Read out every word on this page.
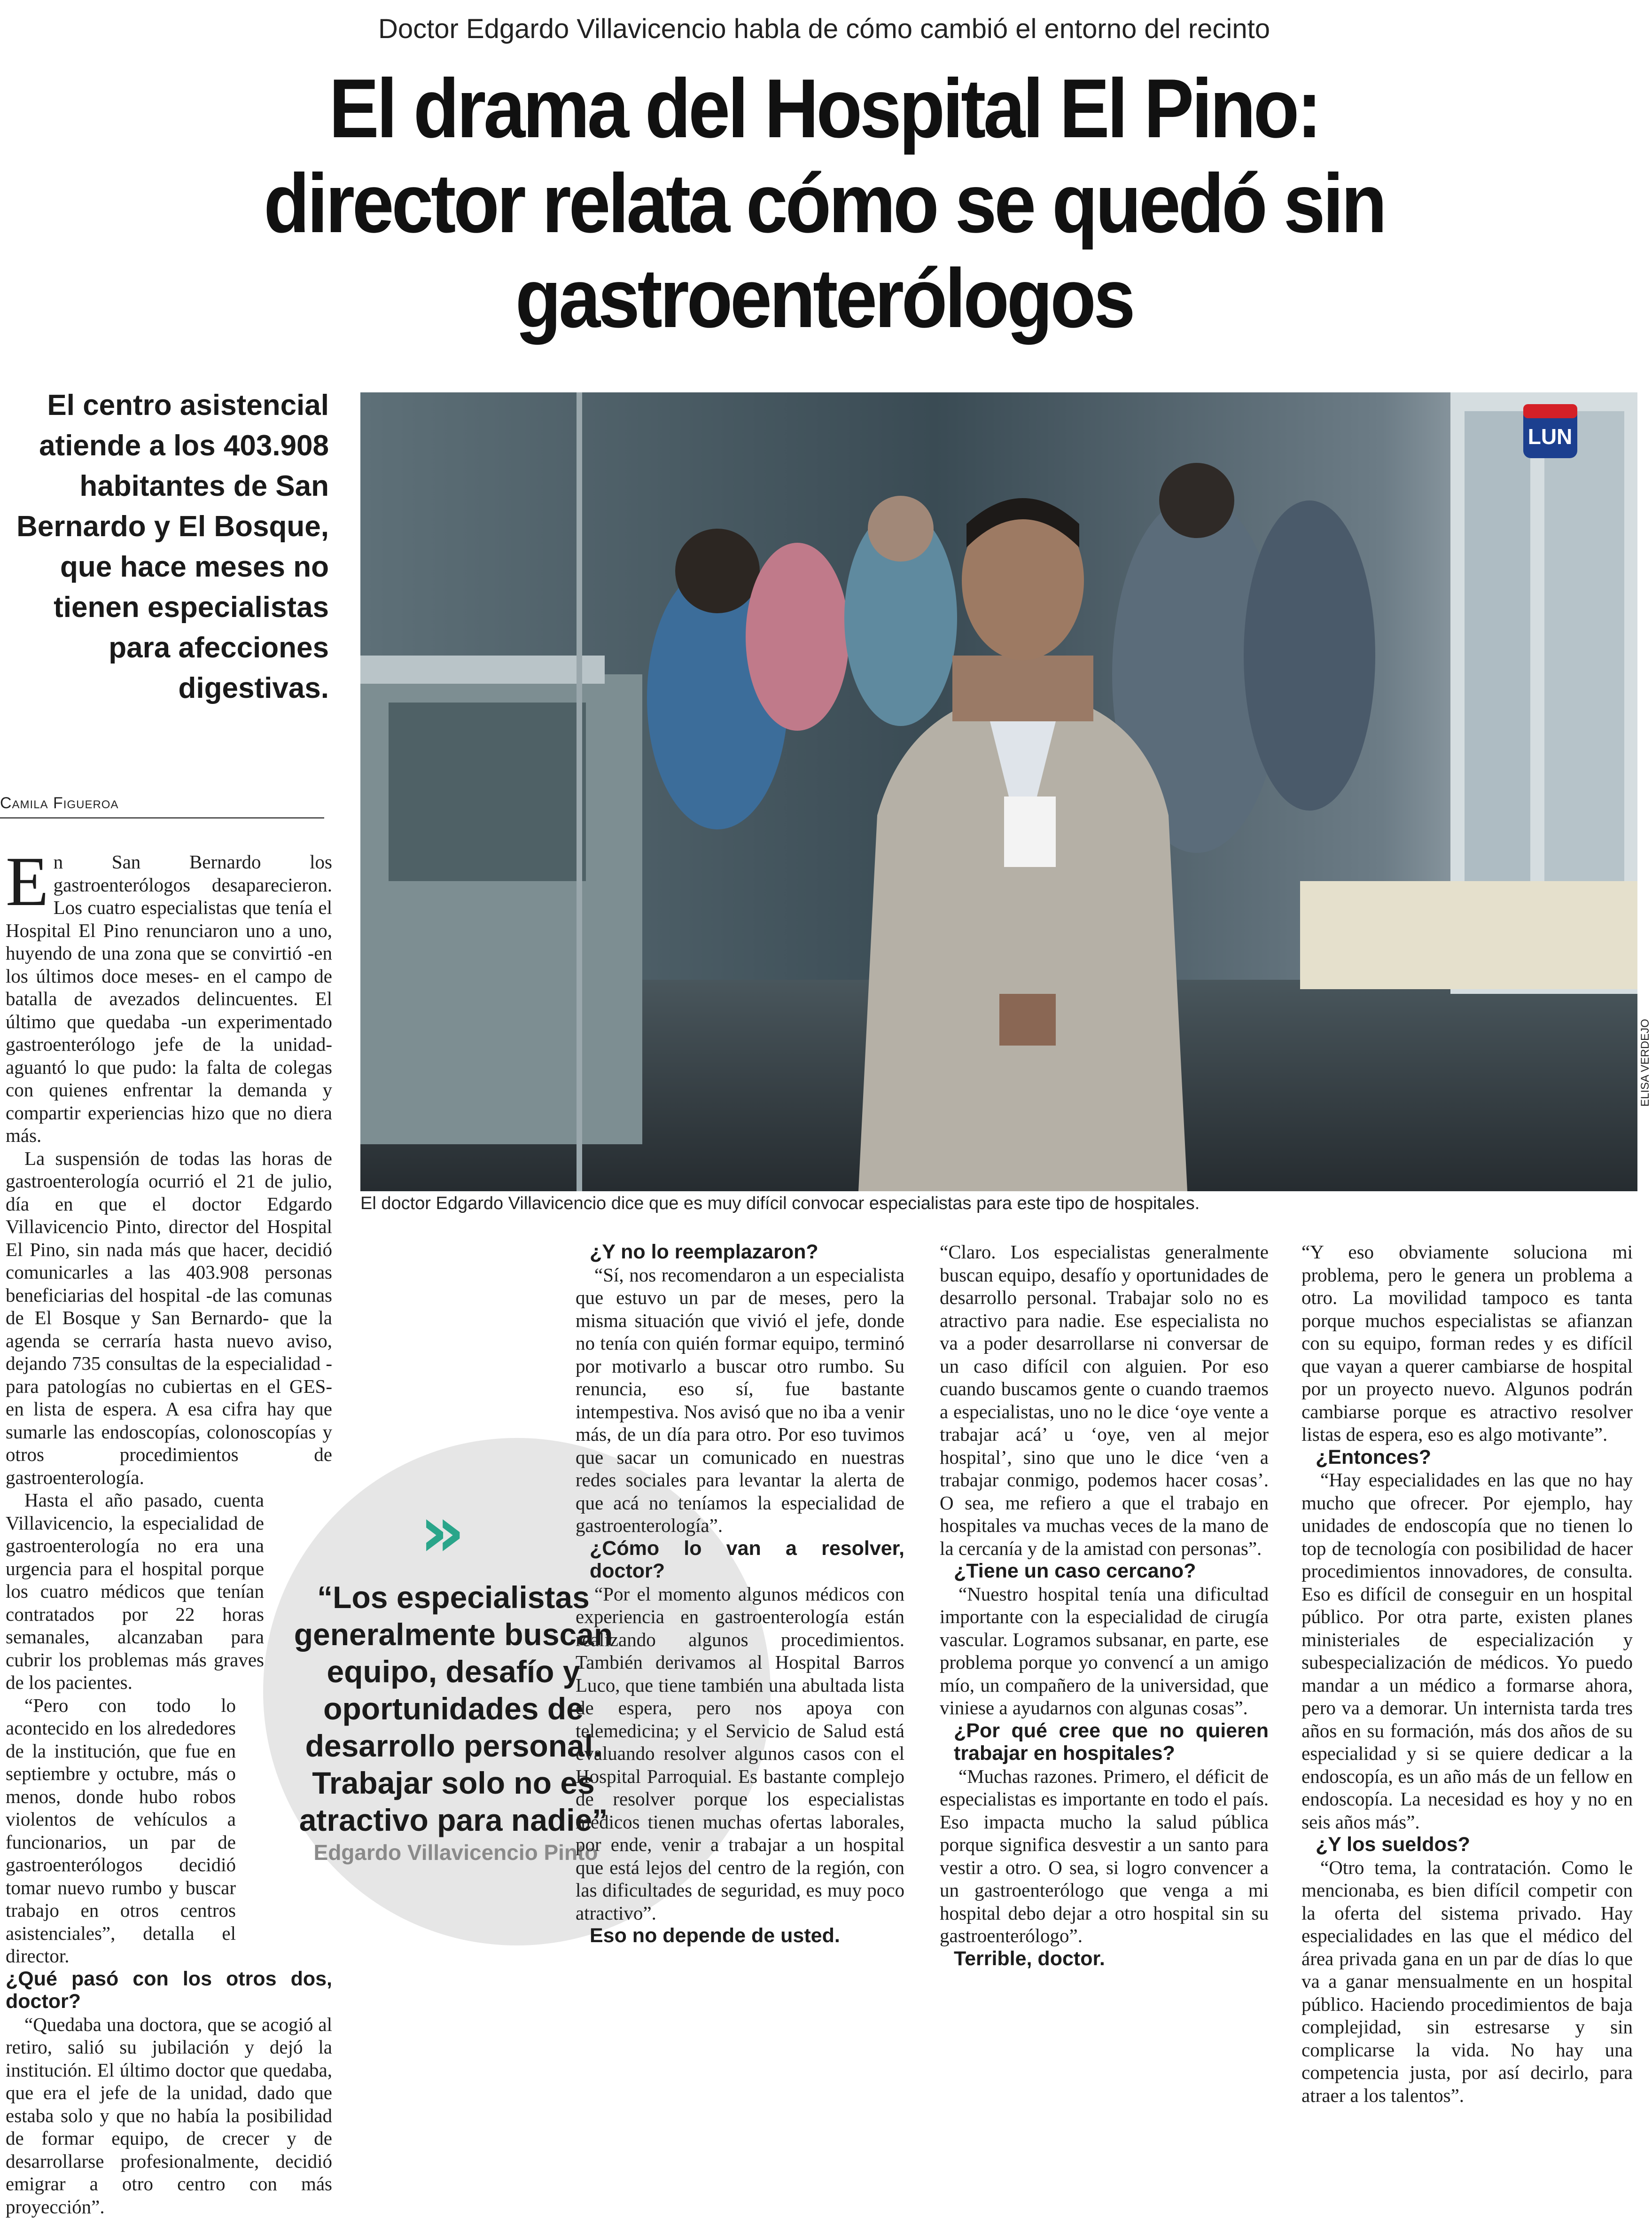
Doctor Edgardo Villavicencio habla de cómo cambió el entorno del recinto
El drama del Hospital El Pino:
director relata cómo se quedó sin
gastroenterólogos
El centro asistencial atiende a los 403.908 habitantes de San Bernardo y El Bosque, que hace meses no tienen especialistas para afecciones digestivas.
Camila Figueroa
LUN
ELISA VERDEJO
El doctor Edgardo Villavicencio dice que es muy difícil convocar especialistas para este tipo de hospitales.
»
“Los especialistas generalmente buscan equipo, desafío y oportunidades de desarrollo personal. Trabajar solo no es atractivo para nadie”
Edgardo Villavicencio Pinto

En San Bernardo los gastroenterólogos desaparecieron. Los cuatro especialistas que tenía el Hospital El Pino renunciaron uno a uno, huyendo de una zona que se convirtió -en los últimos doce meses- en el campo de batalla de avezados delincuentes. El último que quedaba -un experimentado gastroenterólogo jefe de la unidad- aguantó lo que pudo: la falta de colegas con quienes enfrentar la demanda y compartir experiencias hizo que no diera más.

La suspensión de todas las horas de gastroenterología ocurrió el 21 de julio, día en que el doctor Edgardo Villavicencio Pinto, director del Hospital El Pino, sin nada más que hacer, decidió comunicarles a las 403.908 personas beneficiarias del hospital -de las comunas de El Bosque y San Bernardo- que la agenda se cerraría hasta nuevo aviso, dejando 735 consultas de la especialidad -para patologías no cubiertas en el GES- en lista de espera. A esa cifra hay que sumarle las endoscopías, colonoscopías y otros procedimientos de gastroenterología.

Hasta el año pasado, cuenta Villavicencio, la especialidad de gastroenterología no era una urgencia para el hospital porque los cuatro médicos que tenían contratados por 22 horas semanales, alcanzaban para cubrir los problemas más graves de los pacientes.

“Pero con todo lo acontecido en los alrededores de la institución, que fue en septiembre y octubre, más o menos, donde hubo robos violentos de vehículos a funcionarios, un par de gastroenterólogos decidió tomar nuevo rumbo y buscar trabajo en otros centros asistenciales”, detalla el director.

¿Qué pasó con los otros dos, doctor?

“Quedaba una doctora, que se acogió al retiro, salió su jubilación y dejó la institución. El último doctor que quedaba, que era el jefe de la unidad, dado que estaba solo y que no había la posibilidad de formar equipo, de crecer y de desarrollarse profesionalmente, decidió emigrar a otro centro con más proyección”.

¿Y no lo reemplazaron?

“Sí, nos recomendaron a un especialista que estuvo un par de meses, pero la misma situación que vivió el jefe, donde no tenía con quién formar equipo, terminó por motivarlo a buscar otro rumbo. Su renuncia, eso sí, fue bastante intempestiva. Nos avisó que no iba a venir más, de un día para otro. Por eso tuvimos que sacar un comunicado en nuestras redes sociales para levantar la alerta de que acá no teníamos la especialidad de gastroenterología”.

¿Cómo lo van a resolver, doctor?

“Por el momento algunos médicos con experiencia en gastroenterología están realizando algunos procedimientos. También derivamos al Hospital Barros Luco, que tiene también una abultada lista de espera, pero nos apoya con telemedicina; y el Servicio de Salud está evaluando resolver algunos casos con el Hospital Parroquial. Es bastante complejo de resolver porque los especialistas médicos tienen muchas ofertas laborales, por ende, venir a trabajar a un hospital que está lejos del centro de la región, con las dificultades de seguridad, es muy poco atractivo”.

Eso no depende de usted.

“Claro. Los especialistas generalmente buscan equipo, desafío y oportunidades de desarrollo personal. Trabajar solo no es atractivo para nadie. Ese especialista no va a poder desarrollarse ni conversar de un caso difícil con alguien. Por eso cuando buscamos gente o cuando traemos a especialistas, uno no le dice ‘oye vente a trabajar acá’ u ‘oye, ven al mejor hospital’, sino que uno le dice ‘ven a trabajar conmigo, podemos hacer cosas’. O sea, me refiero a que el trabajo en hospitales va muchas veces de la mano de la cercanía y de la amistad con personas”.

¿Tiene un caso cercano?

“Nuestro hospital tenía una dificultad importante con la especialidad de cirugía vascular. Logramos subsanar, en parte, ese problema porque yo convencí a un amigo mío, un compañero de la universidad, que viniese a ayudarnos con algunas cosas”.

¿Por qué cree que no quieren trabajar en hospitales?

“Muchas razones. Primero, el déficit de especialistas es importante en todo el país. Eso impacta mucho la salud pública porque significa desvestir a un santo para vestir a otro. O sea, si logro convencer a un gastroenterólogo que venga a mi hospital debo dejar a otro hospital sin su gastroenterólogo”.

Terrible, doctor.

“Y eso obviamente soluciona mi problema, pero le genera un problema a otro. La movilidad tampoco es tanta porque muchos especialistas se afianzan con su equipo, forman redes y es difícil que vayan a querer cambiarse de hospital por un proyecto nuevo. Algunos podrán cambiarse porque es atractivo resolver listas de espera, eso es algo motivante”.

¿Entonces?

“Hay especialidades en las que no hay mucho que ofrecer. Por ejemplo, hay unidades de endoscopía que no tienen lo top de tecnología con posibilidad de hacer procedimientos innovadores, de consulta. Eso es difícil de conseguir en un hospital público. Por otra parte, existen planes ministeriales de especialización y subespecialización de médicos. Yo puedo mandar a un médico a formarse ahora, pero va a demorar. Un internista tarda tres años en su formación, más dos años de su especialidad y si se quiere dedicar a la endoscopía, es un año más de un fellow en endoscopía. La necesidad es hoy y no en seis años más”.

¿Y los sueldos?

“Otro tema, la contratación. Como le mencionaba, es bien difícil competir con la oferta del sistema privado. Hay especialidades en las que el médico del área privada gana en un par de días lo que va a ganar mensualmente en un hospital público. Haciendo procedimientos de baja complejidad, sin estresarse y sin complicarse la vida. No hay una competencia justa, por así decirlo, para atraer a los talentos”.
